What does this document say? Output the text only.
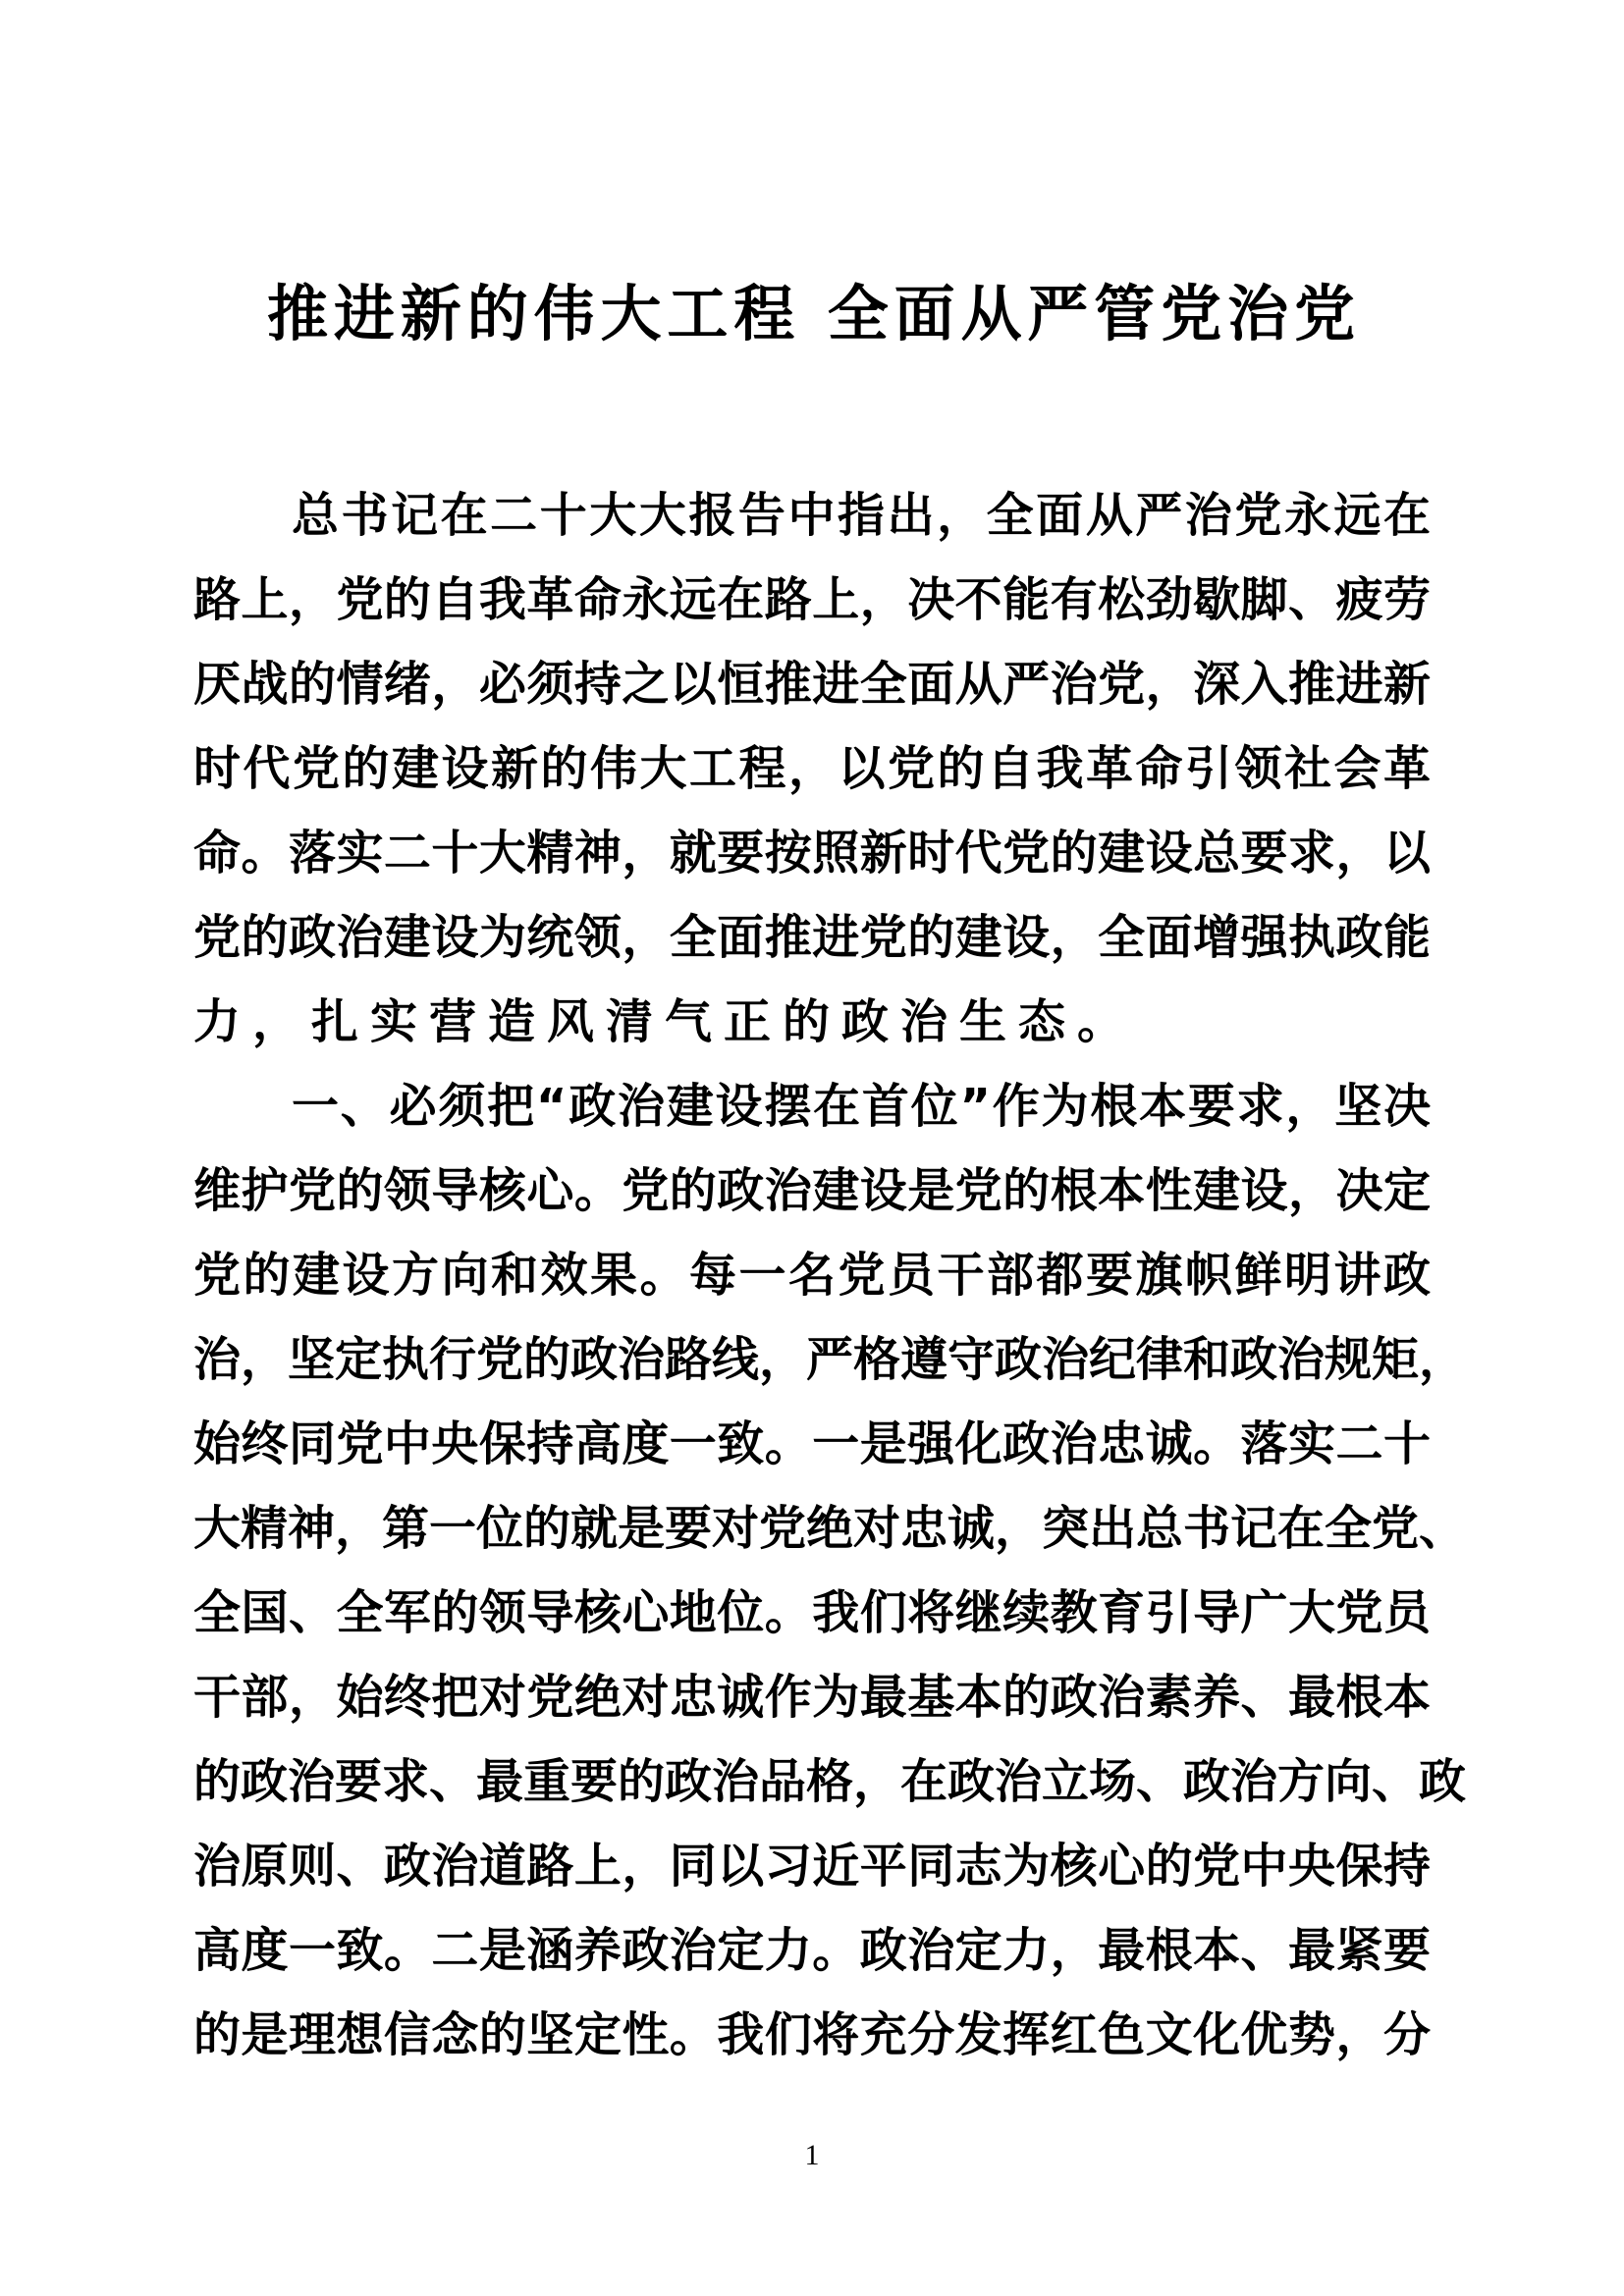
推进新的伟大工程 全面从严管党治党
总书记在二十大大报告中指出，全面从严治党永远在
路上，党的自我革命永远在路上，决不能有松劲歇脚、疲劳
厌战的情绪，必须持之以恒推进全面从严治党，深入推进新
时代党的建设新的伟大工程，以党的自我革命引领社会革
命。落实二十大精神，就要按照新时代党的建设总要求，以
党的政治建设为统领，全面推进党的建设，全面增强执政能
力，扎实营造风清气正的政治生态。
一、必须把“政治建设摆在首位”作为根本要求，坚决
维护党的领导核心。党的政治建设是党的根本性建设，决定
党的建设方向和效果。每一名党员干部都要旗帜鲜明讲政
治，坚定执行党的政治路线，严格遵守政治纪律和政治规矩，
始终同党中央保持高度一致。一是强化政治忠诚。落实二十
大精神，第一位的就是要对党绝对忠诚，突出总书记在全党、
全国、全军的领导核心地位。我们将继续教育引导广大党员
干部，始终把对党绝对忠诚作为最基本的政治素养、最根本
的政治要求、最重要的政治品格，在政治立场、政治方向、政
治原则、政治道路上，同以习近平同志为核心的党中央保持
高度一致。二是涵养政治定力。政治定力，最根本、最紧要
的是理想信念的坚定性。我们将充分发挥红色文化优势，分
1
